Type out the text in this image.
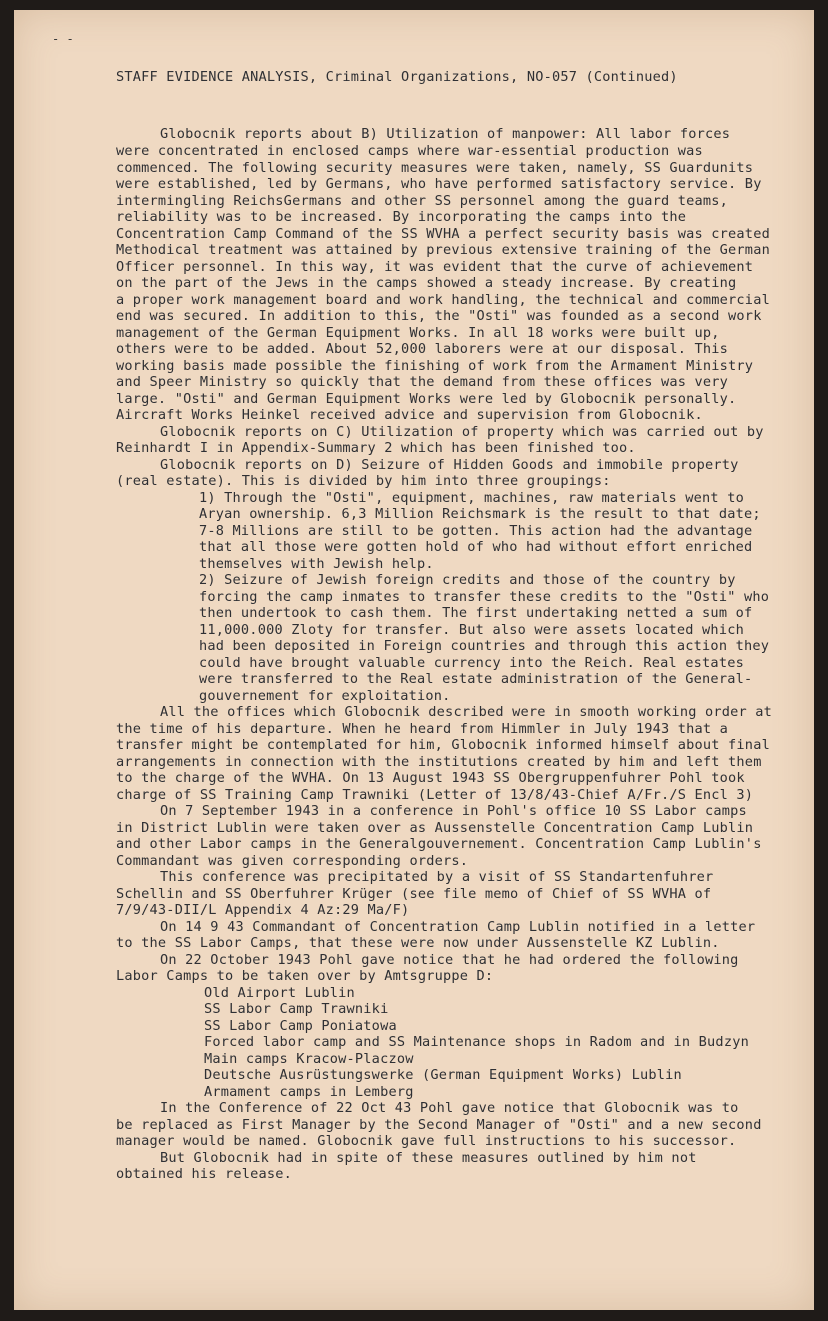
- -

STAFF EVIDENCE ANALYSIS, Criminal Organizations, NO-057 (Continued)

Globocnik reports about B) Utilization of manpower: All labor forces
were concentrated in enclosed camps where war-essential production was
commenced. The following security measures were taken, namely, SS Guardunits
were established, led by Germans, who have performed satisfactory service. By
intermingling ReichsGermans and other SS personnel among the guard teams,
reliability was to be increased. By incorporating the camps into the
Concentration Camp Command of the SS WVHA a perfect security basis was created
Methodical treatment was attained by previous extensive training of the German
Officer personnel. In this way, it was evident that the curve of achievement
on the part of the Jews in the camps showed a steady increase. By creating
a proper work management board and work handling, the technical and commercial
end was secured. In addition to this, the "Osti" was founded as a second work
management of the German Equipment Works. In all 18 works were built up,
others were to be added. About 52,000 laborers were at our disposal. This
working basis made possible the finishing of work from the Armament Ministry
and Speer Ministry so quickly that the demand from these offices was very
large. "Osti" and German Equipment Works were led by Globocnik personally.
Aircraft Works Heinkel received advice and supervision from Globocnik.
Globocnik reports on C) Utilization of property which was carried out by
Reinhardt I in Appendix-Summary 2 which has been finished too.
Globocnik reports on D) Seizure of Hidden Goods and immobile property
(real estate). This is divided by him into three groupings:
1) Through the "Osti", equipment, machines, raw materials went to
Aryan ownership. 6,3 Million Reichsmark is the result to that date;
7-8 Millions are still to be gotten. This action had the advantage
that all those were gotten hold of who had without effort enriched
themselves with Jewish help.
2) Seizure of Jewish foreign credits and those of the country by
forcing the camp inmates to transfer these credits to the "Osti" who
then undertook to cash them. The first undertaking netted a sum of
11,000.000 Zloty for transfer. But also were assets located which
had been deposited in Foreign countries and through this action they
could have brought valuable currency into the Reich. Real estates
were transferred to the Real estate administration of the General-
gouvernement for exploitation.
All the offices which Globocnik described were in smooth working order at
the time of his departure. When he heard from Himmler in July 1943 that a
transfer might be contemplated for him, Globocnik informed himself about final
arrangements in connection with the institutions created by him and left them
to the charge of the WVHA. On 13 August 1943 SS Obergruppenfuhrer Pohl took
charge of SS Training Camp Trawniki (Letter of 13/8/43-Chief A/Fr./S Encl 3)
On 7 September 1943 in a conference in Pohl's office 10 SS Labor camps
in District Lublin were taken over as Aussenstelle Concentration Camp Lublin
and other Labor camps in the Generalgouvernement. Concentration Camp Lublin's
Commandant was given corresponding orders.
This conference was precipitated by a visit of SS Standartenfuhrer
Schellin and SS Oberfuhrer Krüger (see file memo of Chief of SS WVHA of
7/9/43-DII/L Appendix 4 Az:29 Ma/F)
On 14 9 43 Commandant of Concentration Camp Lublin notified in a letter
to the SS Labor Camps, that these were now under Aussenstelle KZ Lublin.
On 22 October 1943 Pohl gave notice that he had ordered the following
Labor Camps to be taken over by Amtsgruppe D:
Old Airport Lublin
SS Labor Camp Trawniki
SS Labor Camp Poniatowa
Forced labor camp and SS Maintenance shops in Radom and in Budzyn
Main camps Kracow-Placzow
Deutsche Ausrüstungswerke (German Equipment Works) Lublin
Armament camps in Lemberg
In the Conference of 22 Oct 43 Pohl gave notice that Globocnik was to
be replaced as First Manager by the Second Manager of "Osti" and a new second
manager would be named. Globocnik gave full instructions to his successor.
But Globocnik had in spite of these measures outlined by him not
obtained his release.
